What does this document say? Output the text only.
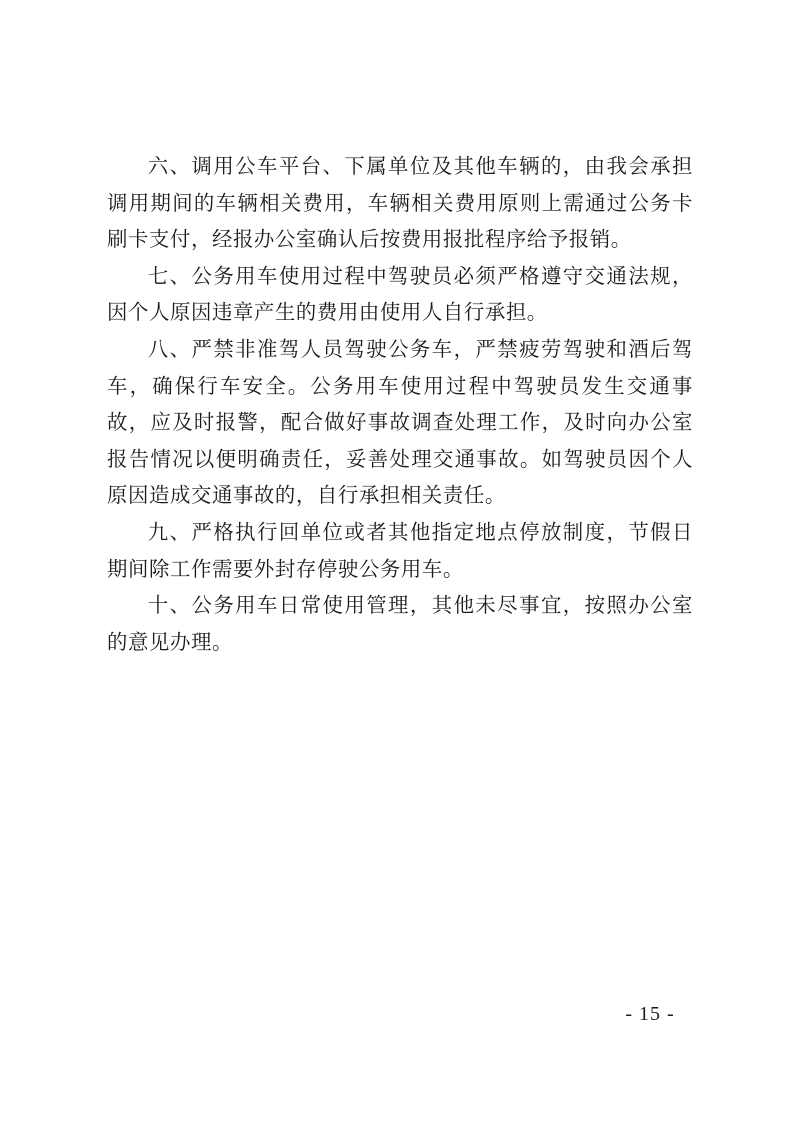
六、调用公车平台、下属单位及其他车辆的，由我会承担调用期间的车辆相关费用，车辆相关费用原则上需通过公务卡刷卡支付，经报办公室确认后按费用报批程序给予报销。

七、公务用车使用过程中驾驶员必须严格遵守交通法规，因个人原因违章产生的费用由使用人自行承担。

八、严禁非准驾人员驾驶公务车，严禁疲劳驾驶和酒后驾车，确保行车安全。公务用车使用过程中驾驶员发生交通事故，应及时报警，配合做好事故调查处理工作，及时向办公室报告情况以便明确责任，妥善处理交通事故。如驾驶员因个人原因造成交通事故的，自行承担相关责任。

九、严格执行回单位或者其他指定地点停放制度，节假日期间除工作需要外封存停驶公务用车。

十、公务用车日常使用管理，其他未尽事宜，按照办公室的意见办理。

- 15 -
